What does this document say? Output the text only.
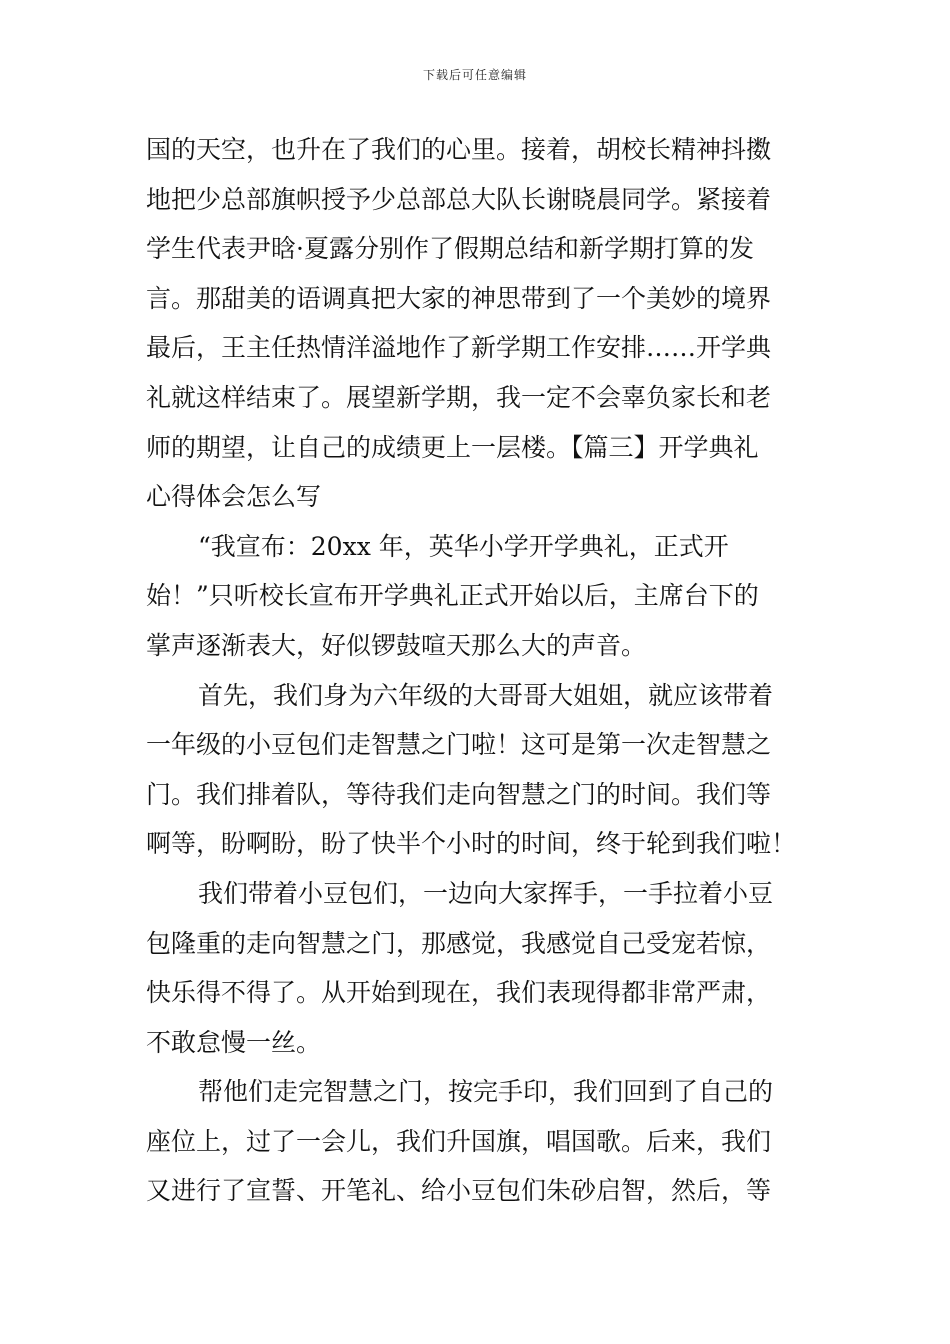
下载后可任意编辑
国的天空，也升在了我们的心里。接着，胡校长精神抖擞
地把少总部旗帜授予少总部总大队长谢晓晨同学。紧接着
学生代表尹晗·夏露分别作了假期总结和新学期打算的发
言。那甜美的语调真把大家的神思带到了一个美妙的境界
最后，王主任热情洋溢地作了新学期工作安排……开学典
礼就这样结束了。展望新学期，我一定不会辜负家长和老
师的期望，让自己的成绩更上一层楼。【篇三】开学典礼
心得体会怎么写
“我宣布：20xx 年，英华小学开学典礼，正式开
始！”只听校长宣布开学典礼正式开始以后，主席台下的
掌声逐渐表大，好似锣鼓喧天那么大的声音。
首先，我们身为六年级的大哥哥大姐姐，就应该带着
一年级的小豆包们走智慧之门啦！这可是第一次走智慧之
门。我们排着队，等待我们走向智慧之门的时间。我们等
啊等，盼啊盼，盼了快半个小时的时间，终于轮到我们啦！
我们带着小豆包们，一边向大家挥手，一手拉着小豆
包隆重的走向智慧之门，那感觉，我感觉自己受宠若惊，
快乐得不得了。从开始到现在，我们表现得都非常严肃，
不敢怠慢一丝。
帮他们走完智慧之门，按完手印，我们回到了自己的
座位上，过了一会儿，我们升国旗，唱国歌。后来，我们
又进行了宣誓、开笔礼、给小豆包们朱砂启智，然后，等
